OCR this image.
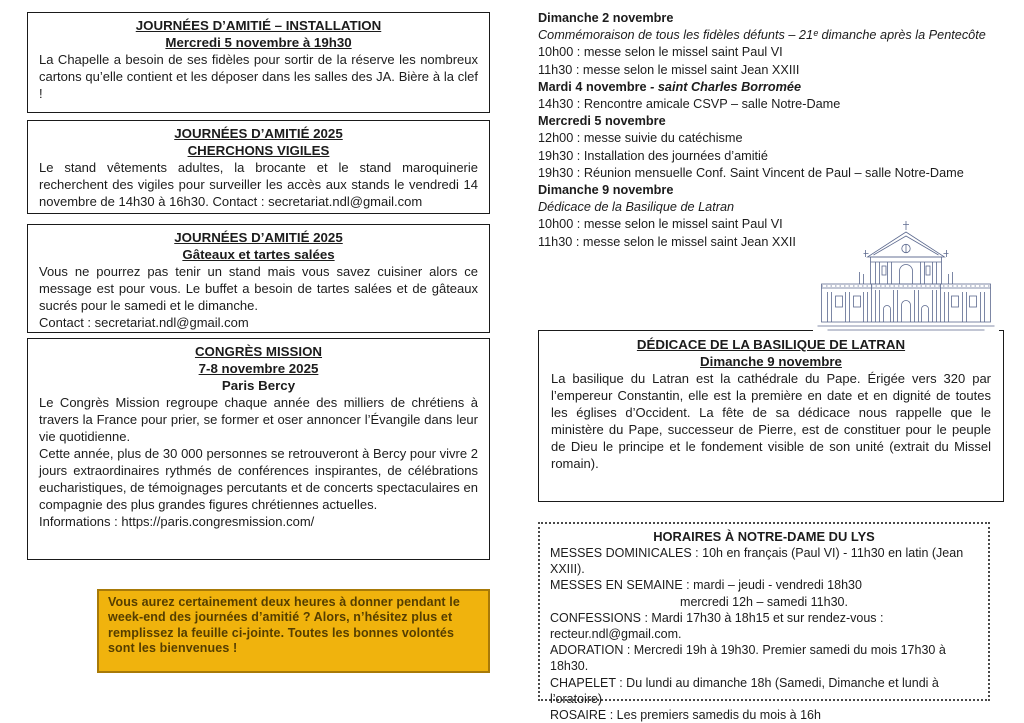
JOURNÉES D’AMITIÉ – INSTALLATION
Mercredi 5 novembre à 19h30

La Chapelle a besoin de ses fidèles pour sortir de la réserve les nombreux cartons qu’elle contient et les déposer dans les salles des JA. Bière à la clef !

JOURNÉES D’AMITIÉ 2025
CHERCHONS VIGILES

Le stand vêtements adultes, la brocante et le stand maroquinerie recherchent des vigiles pour surveiller les accès aux stands le vendredi 14 novembre de 14h30 à 16h30. Contact : secretariat.ndl@gmail.com

JOURNÉES D’AMITIÉ 2025
Gâteaux et tartes salées

Vous ne pourrez pas tenir un stand mais vous savez cuisiner alors ce message est pour vous. Le buffet a besoin de tartes salées et de gâteaux sucrés pour le samedi et le dimanche.

Contact : secretariat.ndl@gmail.com

CONGRÈS MISSION
7-8 novembre 2025
Paris Bercy

Le Congrès Mission regroupe chaque année des milliers de chrétiens à travers la France pour prier, se former et oser annoncer l’Évangile dans leur vie quotidienne.

Cette année, plus de 30 000 personnes se retrouveront à Bercy pour vivre 2 jours extraordinaires rythmés de conférences inspirantes, de célébrations eucharistiques, de témoignages percutants et de concerts spectaculaires en compagnie des plus grandes figures chrétiennes actuelles.

Informations : https://paris.congresmission.com/

Vous aurez certainement deux heures à donner pendant le week-end des journées d’amitié ? Alors, n’hésitez plus et remplissez la feuille ci-jointe. Toutes les bonnes volontés sont les bienvenues !

Dimanche 2 novembre
Commémoraison de tous les fidèles défunts – 21ᵉ dimanche après la Pentecôte
10h00 : messe selon le missel saint Paul VI
11h30 : messe selon le missel saint Jean XXIII
Mardi 4 novembre - saint Charles Borromée
14h30 : Rencontre amicale CSVP – salle Notre-Dame
Mercredi 5 novembre
12h00 : messe suivie du catéchisme
19h30 : Installation des journées d’amitié
19h30 : Réunion mensuelle Conf. Saint Vincent de Paul – salle Notre-Dame
Dimanche 9 novembre
Dédicace de la Basilique de Latran
10h00 : messe selon le missel saint Paul VI
11h30 : messe selon le missel saint Jean XXII
DÉDICACE DE LA BASILIQUE DE LATRAN
Dimanche 9 novembre

La basilique du Latran est la cathédrale du Pape. Érigée vers 320 par l’empereur Constantin, elle est la première en date et en dignité de toutes les églises d’Occident. La fête de sa dédicace nous rappelle que le ministère du Pape, successeur de Pierre, est de constituer pour le peuple de Dieu le principe et le fondement visible de son unité (extrait du Missel romain).

HORAIRES À NOTRE-DAME DU LYS
MESSES DOMINICALES : 10h en français (Paul VI) - 11h30 en latin (Jean XXIII).
MESSES EN SEMAINE : mardi – jeudi - vendredi 18h30
mercredi 12h – samedi 11h30.
CONFESSIONS : Mardi 17h30 à 18h15 et sur rendez-vous :
recteur.ndl@gmail.com.
ADORATION : Mercredi 19h à 19h30. Premier samedi du mois 17h30 à 18h30.
CHAPELET : Du lundi au dimanche 18h (Samedi, Dimanche et lundi à
l’oratoire)
ROSAIRE : Les premiers samedis du mois à 16h
